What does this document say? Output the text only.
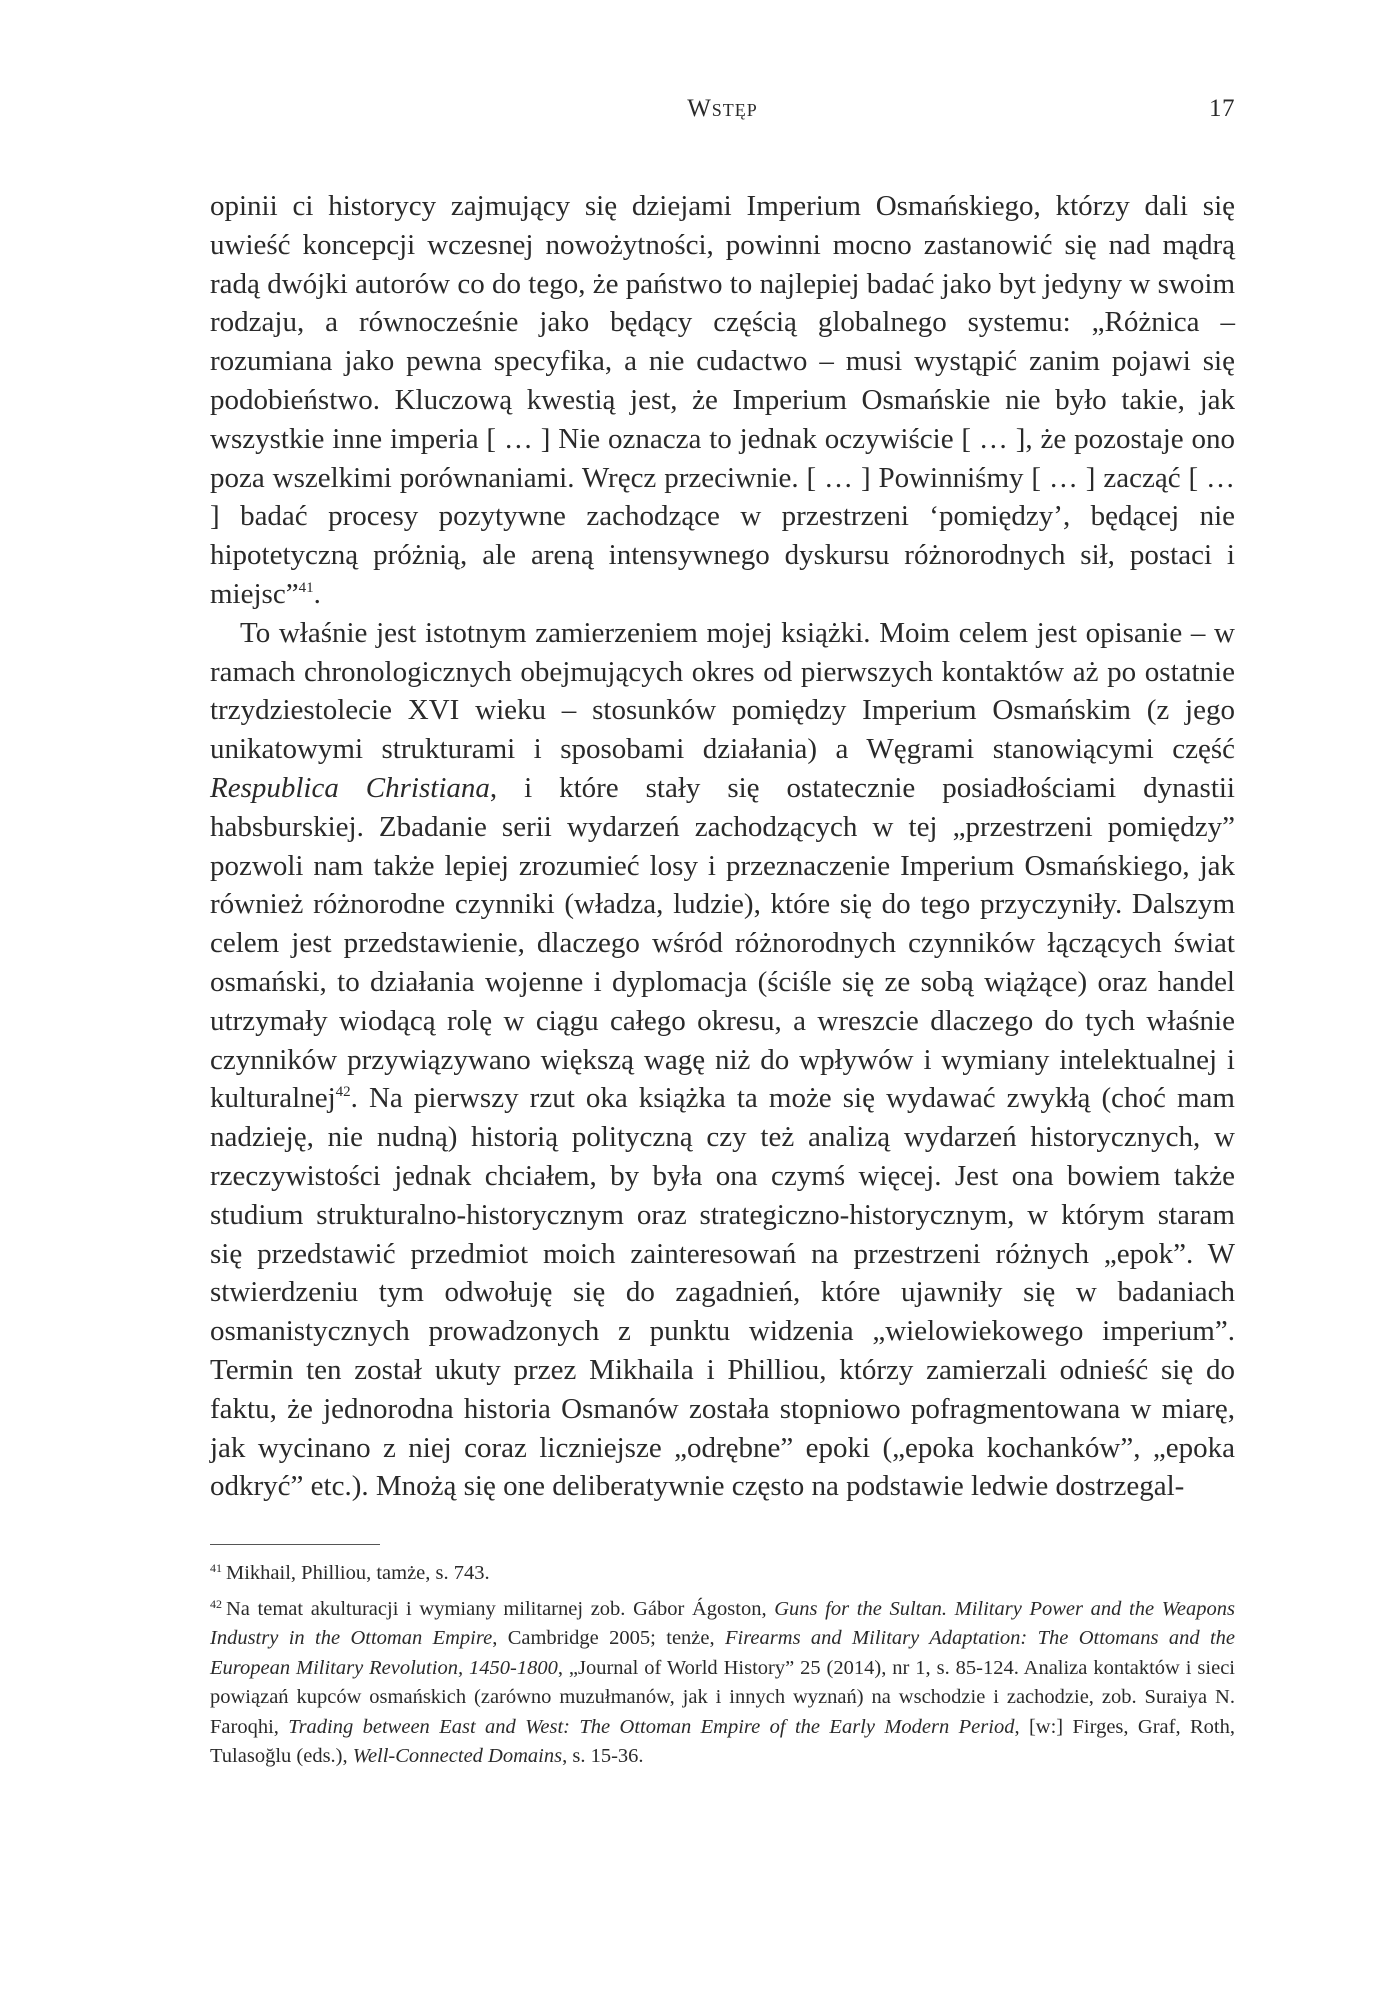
Wstęp	17

opinii ci historycy zajmujący się dziejami Imperium Osmańskiego, którzy dali się uwieść koncepcji wczesnej nowożytności, powinni mocno zastanowić się nad mądrą radą dwójki autorów co do tego, że państwo to najlepiej badać jako byt jedyny w swoim rodzaju, a równocześnie jako będący częścią globalnego systemu: „Różnica – rozumiana jako pewna specyfika, a nie cudactwo – musi wystąpić zanim pojawi się podobieństwo. Kluczową kwestią jest, że Imperium Osmańskie nie było takie, jak wszystkie inne imperia [ … ] Nie oznacza to jednak oczywiście [ … ], że pozostaje ono poza wszelkimi porównaniami. Wręcz przeciwnie. [ … ] Powinniśmy [ … ] zacząć [ … ] badać procesy pozytywne zachodzące w przestrzeni ‘pomiędzy’, będącej nie hipotetyczną próżnią, ale areną intensywnego dyskursu różnorodnych sił, postaci i miejsc”$^{41}$.

To właśnie jest istotnym zamierzeniem mojej książki. Moim celem jest opisanie – w ramach chronologicznych obejmujących okres od pierwszych kontaktów aż po ostatnie trzydziestolecie XVI wieku – stosunków pomiędzy Imperium Osmańskim (z jego unikatowymi strukturami i sposobami działania) a Węgrami stanowiącymi część Respublica Christiana, i które stały się ostatecznie posiadłościami dynastii habsburskiej. Zbadanie serii wydarzeń zachodzących w tej „przestrzeni pomiędzy” pozwoli nam także lepiej zrozumieć losy i przeznaczenie Imperium Osmańskiego, jak również różnorodne czynniki (władza, ludzie), które się do tego przyczyniły. Dalszym celem jest przedstawienie, dlaczego wśród różnorodnych czynników łączących świat osmański, to działania wojenne i dyplomacja (ściśle się ze sobą wiążące) oraz handel utrzymały wiodącą rolę w ciągu całego okresu, a wreszcie dlaczego do tych właśnie czynników przywiązywano większą wagę niż do wpływów i wymiany intelektualnej i kulturalnej$^{42}$. Na pierwszy rzut oka książka ta może się wydawać zwykłą (choć mam nadzieję, nie nudną) historią polityczną czy też analizą wydarzeń historycznych, w rzeczywistości jednak chciałem, by była ona czymś więcej. Jest ona bowiem także studium strukturalno-historycznym oraz strategiczno-historycznym, w którym staram się przedstawić przedmiot moich zainteresowań na przestrzeni różnych „epok”. W stwierdzeniu tym odwołuję się do zagadnień, które ujawniły się w badaniach osmanistycznych prowadzonych z punktu widzenia „wielowiekowego imperium”. Termin ten został ukuty przez Mikhaila i Philliou, którzy zamierzali odnieść się do faktu, że jednorodna historia Osmanów została stopniowo pofragmentowana w miarę, jak wycinano z niej coraz liczniejsze „odrębne” epoki („epoka kochanków”, „epoka odkryć” etc.). Mnożą się one deliberatywnie często na podstawie ledwie dostrzegal-

$^{41}$ Mikhail, Philliou, tamże, s. 743.

$^{42}$ Na temat akulturacji i wymiany militarnej zob. Gábor Ágoston, Guns for the Sultan. Military Power and the Weapons Industry in the Ottoman Empire, Cambridge 2005; tenże, Firearms and Military Adaptation: The Ottomans and the European Military Revolution, 1450-1800, „Journal of World History” 25 (2014), nr 1, s. 85-124. Analiza kontaktów i sieci powiązań kupców osmańskich (zarówno muzułmanów, jak i innych wyznań) na wschodzie i zachodzie, zob. Suraiya N. Faroqhi, Trading between East and West: The Ottoman Empire of the Early Modern Period, [w:] Firges, Graf, Roth, Tulasoğlu (eds.), Well-Connected Domains, s. 15-36.
